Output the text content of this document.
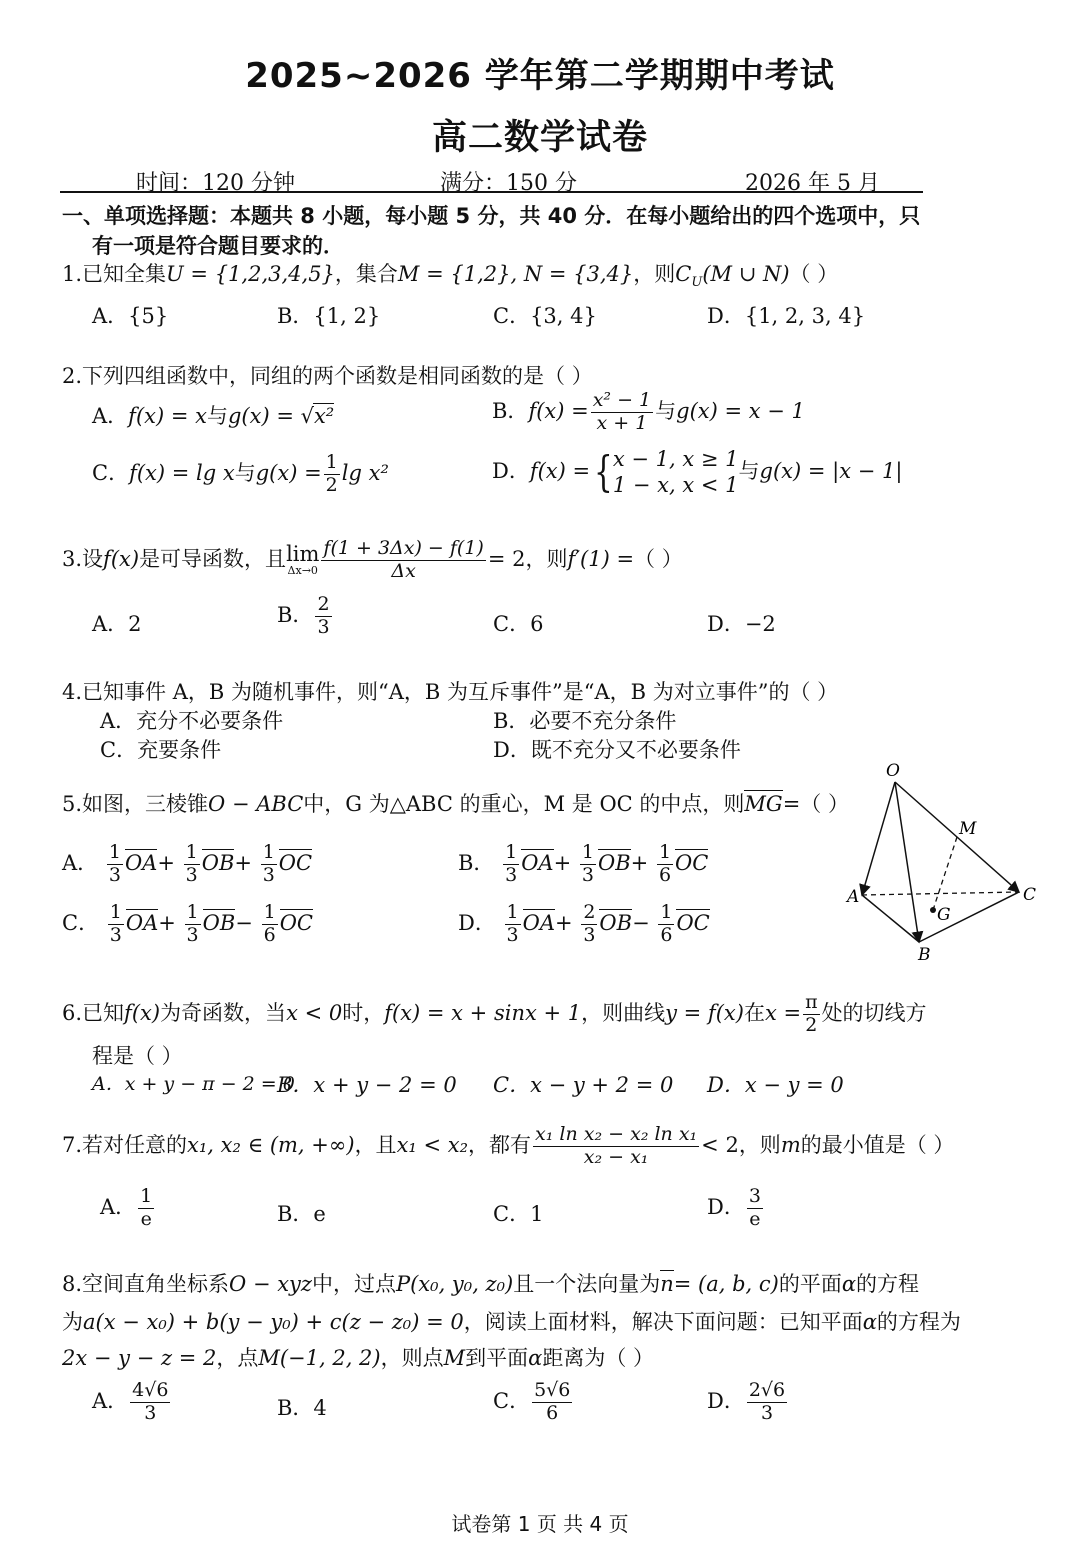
2025~2026 学年第二学期期中考试
高二数学试卷
时间：120 分钟	满分：150 分	2026 年 5 月
一、单项选择题：本题共 8 小题，每小题 5 分，共 40 分．在每小题给出的四个选项中，只
有一项是符合题目要求的．
1.已知全集U = {1,2,3,4,5}，集合M = {1,2}, N = {3,4}，则$C_U(M$ ∪ N)（ ）
A．{5}	B．{1, 2}	C．{3, 4}	D．{1, 2, 3, 4}
2.下列四组函数中，同组的两个函数是相同函数的是（ ）
A．f(x) = x与g(x) = √x²	B．$f(x) = \frac{\text{x² − 1}}{x + 1}$ 与g(x) = x − 1
C．f(x) = lg x与$g(x) = \frac{1}{2}$ lg x²	D．f(x) ={ x − 1, x ≥ 1
1 − x, x < 1
与g(x) = |x − 1|
3.设f(x)是可导函数，且 lim
$\Delta x\to 0 \frac{f(1 + 3\Delta x) - f(1)}{\Delta x} = 2$，则f′(1) =（ ）
A．2	B． $\frac{2}{3}$	C．6	D．−2
4.已知事件 A，B 为随机事件，则“A，B 为互斥事件”是“A，B 为对立事件”的（ ）
A．充分不必要条件	B．必要不充分条件
C．充要条件	D．既不充分又不必要条件
5.如图，三棱锥O − ABC中，G 为△ABC 的重心，M 是 OC 的中点，则MG=（ ）
A． $\frac{1}{3} OA+ \frac{1}{3} OB+ \frac{1}{3}$ OC	B． $\frac{1}{3} OA+ \frac{1}{3} OB+ \frac{1}{6}$ OC
C． $\frac{1}{3} OA+ \frac{1}{3} OB- \frac{1}{6}$ OC	D． $\frac{1}{3} OA+ \frac{2}{3} OB- \frac{1}{6}$ OC
O
M
A	C
G
B
6.已知f(x)为奇函数，当x < 0时，f(x) = x + sinx + 1，则曲线y = f(x)在$x = \frac{\pi}{2}$ 处的切线方
程是（ ）
A．x + y − π − 2 = 0
B．x + y − 2 = 0 C．x − y + 2 = 0 D．x − y = 0
7.若对任意的x₁, x₂ ∈ (m, +∞)，且x₁ < x₂，都有 $\frac{\text{x₁ ln x₂ − x₂ ln x₁}}{\text{x₂ − x₁}} < 2$，则m的最小值是（ ）
A． $\frac{1}{e}$	B．e	C．1	D． $\frac{3}{e}$
8.空间直角坐标系O − xyz中，过点P(x₀, y₀, z₀)且一个法向量为n= (a, b, c)的平面α的方程
为a(x − x₀) + b(y − y₀) + c(z − z₀) = 0，阅读上面材料，解决下面问题：已知平面α的方程为
2x − y − z = 2，点M(−1, 2, 2)，则点M到平面α距离为（ ）
A． $\frac{4√6}{3}$	B．4	C． $\frac{5√6}{6}$	D． $\frac{2√6}{3}$
试卷第 1 页 共 4 页
